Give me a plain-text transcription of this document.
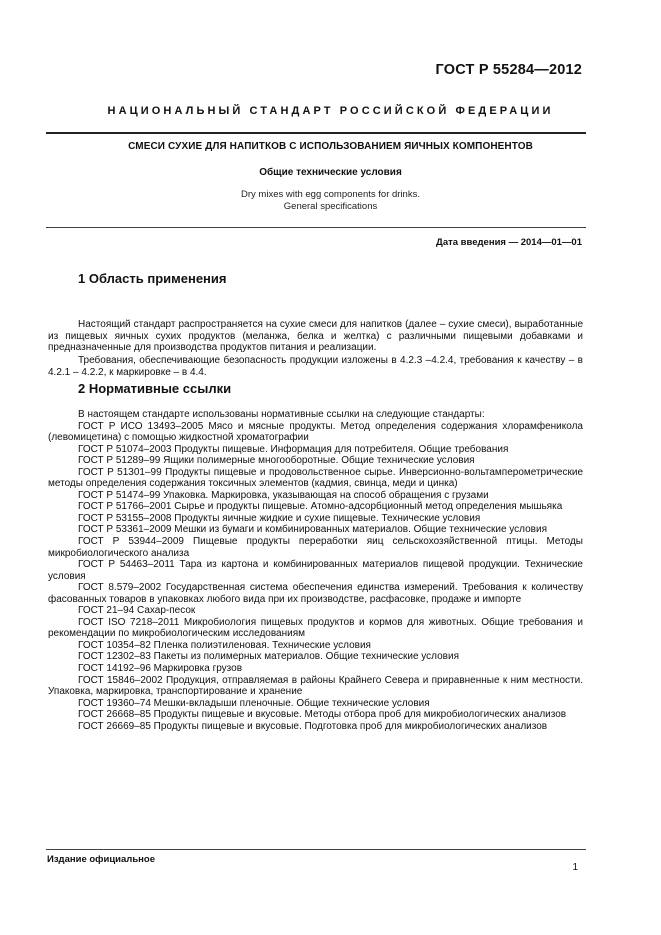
ГОСТ Р 55284—2012
НАЦИОНАЛЬНЫЙ СТАНДАРТ РОССИЙСКОЙ ФЕДЕРАЦИИ
СМЕСИ СУХИЕ ДЛЯ НАПИТКОВ С ИСПОЛЬЗОВАНИЕМ ЯИЧНЫХ КОМПОНЕНТОВ
Общие технические условия
Dry mixes with egg components for drinks.
General specifications
Дата введения — 2014—01—01
1 Область применения
Настоящий стандарт распространяется на сухие смеси для напитков (далее – сухие смеси), выработанные из пищевых яичных сухих продуктов (меланжа, белка и желтка) с различными пищевыми добавками и предназначенные для производства продуктов питания и реализации.
2 Нормативные ссылки

В настоящем стандарте использованы нормативные ссылки на следующие стандарты:

ГОСТ Р ИСО 13493–2005 Мясо и мясные продукты. Метод определения содержания хлорамфеникола (левомицетина) с помощью жидкостной хроматографии

ГОСТ Р 51074–2003 Продукты пищевые. Информация для потребителя. Общие требования

ГОСТ Р 51289–99 Ящики полимерные многооборотные. Общие технические условия

ГОСТ Р 51301–99 Продукты пищевые и продовольственное сырье. Инверсионно-вольтамперометрические методы определения содержания токсичных элементов (кадмия, свинца, меди и цинка)

ГОСТ Р 51474–99 Упаковка. Маркировка, указывающая на способ обращения с грузами

ГОСТ Р 51766–2001 Сырье и продукты пищевые. Атомно-адсорбционный метод определения мышьяка

ГОСТ Р 53155–2008 Продукты яичные жидкие и сухие пищевые. Технические условия

ГОСТ Р 53361–2009 Мешки из бумаги и комбинированных материалов. Общие технические условия

ГОСТ Р 53944–2009 Пищевые продукты переработки яиц сельскохозяйственной птицы. Методы микробиологического анализа

ГОСТ Р 54463–2011 Тара из картона и комбинированных материалов пищевой продукции. Технические условия

ГОСТ 8.579–2002 Государственная система обеспечения единства измерений. Требования к количеству фасованных товаров в упаковках любого вида при их производстве, расфасовке, продаже и импорте

ГОСТ 21–94 Сахар-песок

ГОСТ ISO 7218–2011 Микробиология пищевых продуктов и кормов для животных. Общие требования и рекомендации по микробиологическим исследованиям

ГОСТ 10354–82 Пленка полиэтиленовая. Технические условия

ГОСТ 12302–83 Пакеты из полимерных материалов. Общие технические условия

ГОСТ 14192–96 Маркировка грузов

ГОСТ 15846–2002 Продукция, отправляемая в районы Крайнего Севера и приравненные к ним местности. Упаковка, маркировка, транспортирование и хранение

ГОСТ 19360–74 Мешки-вкладыши пленочные. Общие технические условия

ГОСТ 26668–85 Продукты пищевые и вкусовые. Методы отбора проб для микробиологических анализов

ГОСТ 26669–85 Продукты пищевые и вкусовые. Подготовка проб для микробиологических анализов

Издание официальное
1
Требования, обеспечивающие безопасность продукции изложены в 4.2.3 –4.2.4, требования к качеству – в 4.2.1 – 4.2.2, к маркировке – в 4.4.
